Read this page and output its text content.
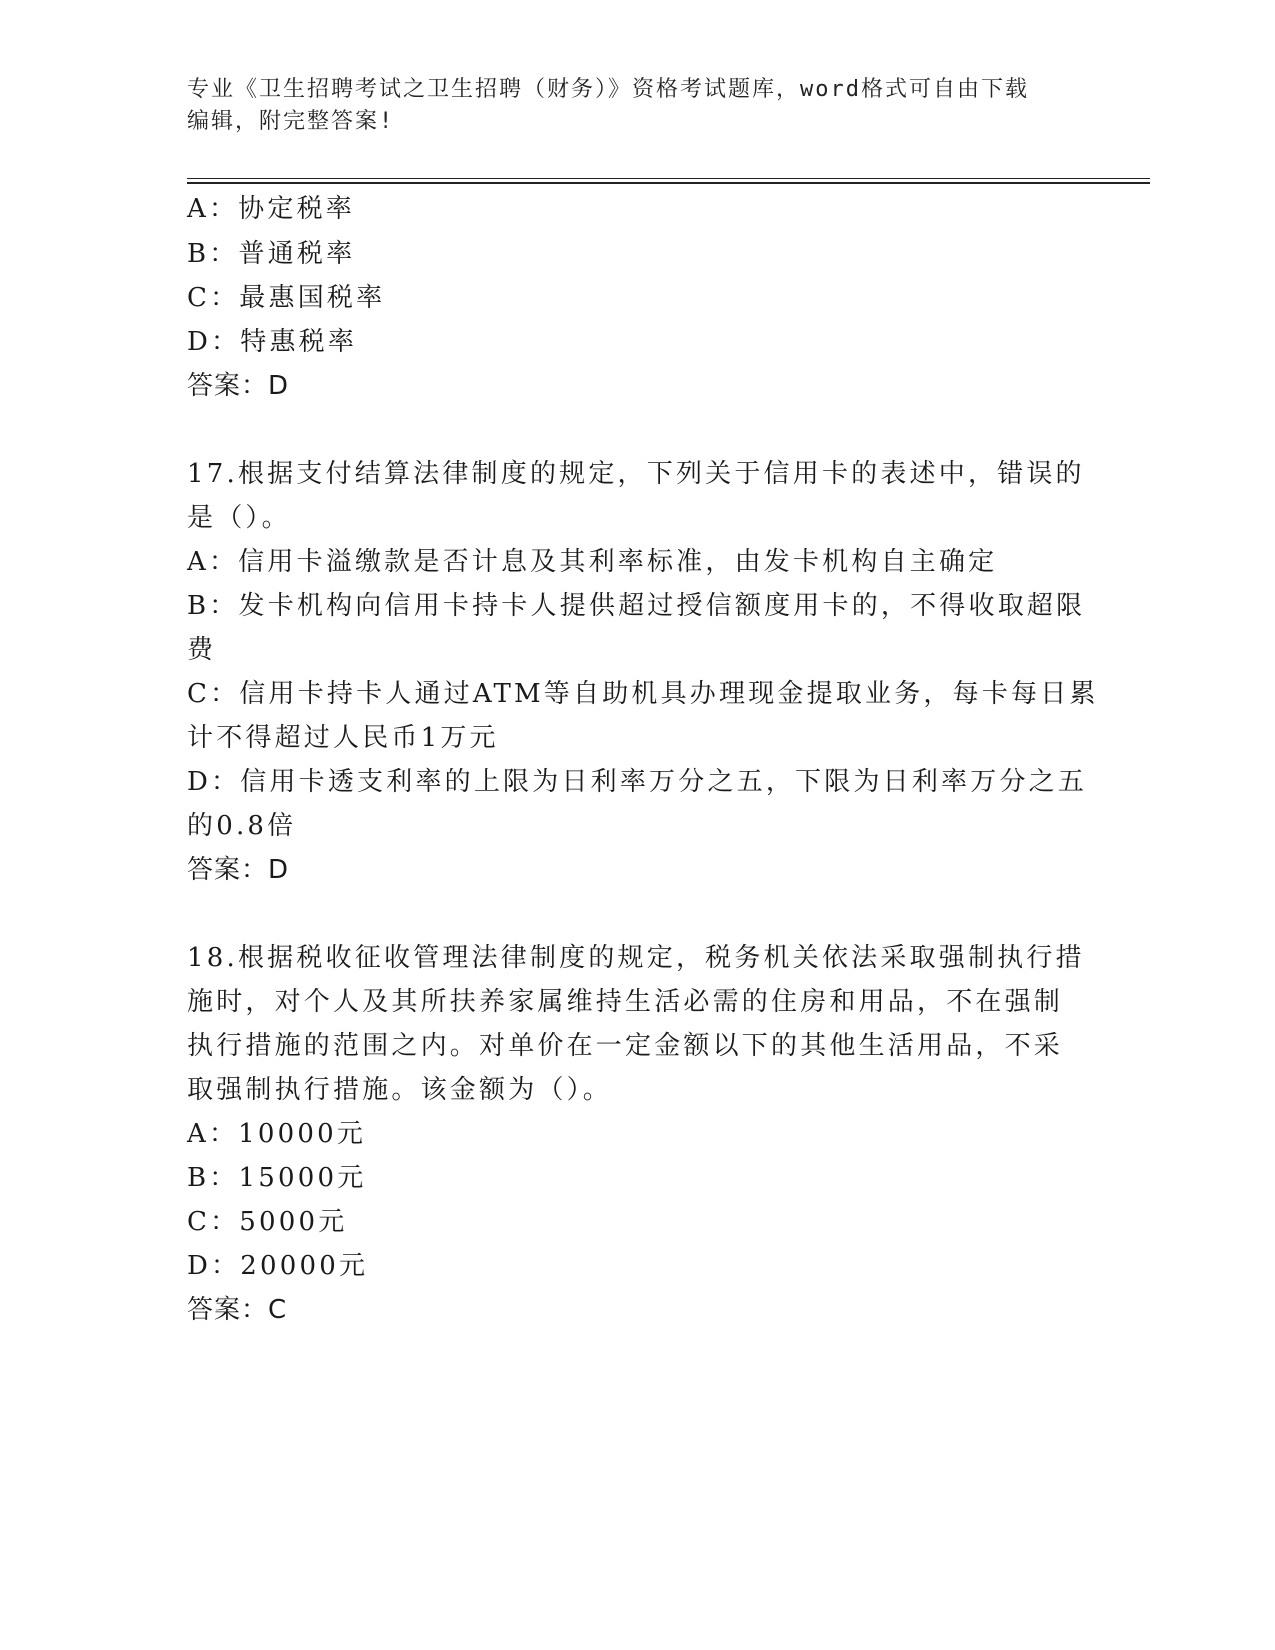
专业《卫生招聘考试之卫生招聘（财务）》资格考试题库，word格式可自由下载
编辑，附完整答案!
A：协定税率
B：普通税率
C：最惠国税率
D：特惠税率
答案：D
17.根据支付结算法律制度的规定，下列关于信用卡的表述中，错误的
是（）。
A：信用卡溢缴款是否计息及其利率标准，由发卡机构自主确定
B：发卡机构向信用卡持卡人提供超过授信额度用卡的，不得收取超限
费
C：信用卡持卡人通过ATM等自助机具办理现金提取业务，每卡每日累
计不得超过人民币1万元
D：信用卡透支利率的上限为日利率万分之五，下限为日利率万分之五
的0.8倍
答案：D
18.根据税收征收管理法律制度的规定，税务机关依法采取强制执行措
施时，对个人及其所扶养家属维持生活必需的住房和用品，不在强制
执行措施的范围之内。对单价在一定金额以下的其他生活用品，不采
取强制执行措施。该金额为（）。
A：10000元
B：15000元
C：5000元
D：20000元
答案：C
